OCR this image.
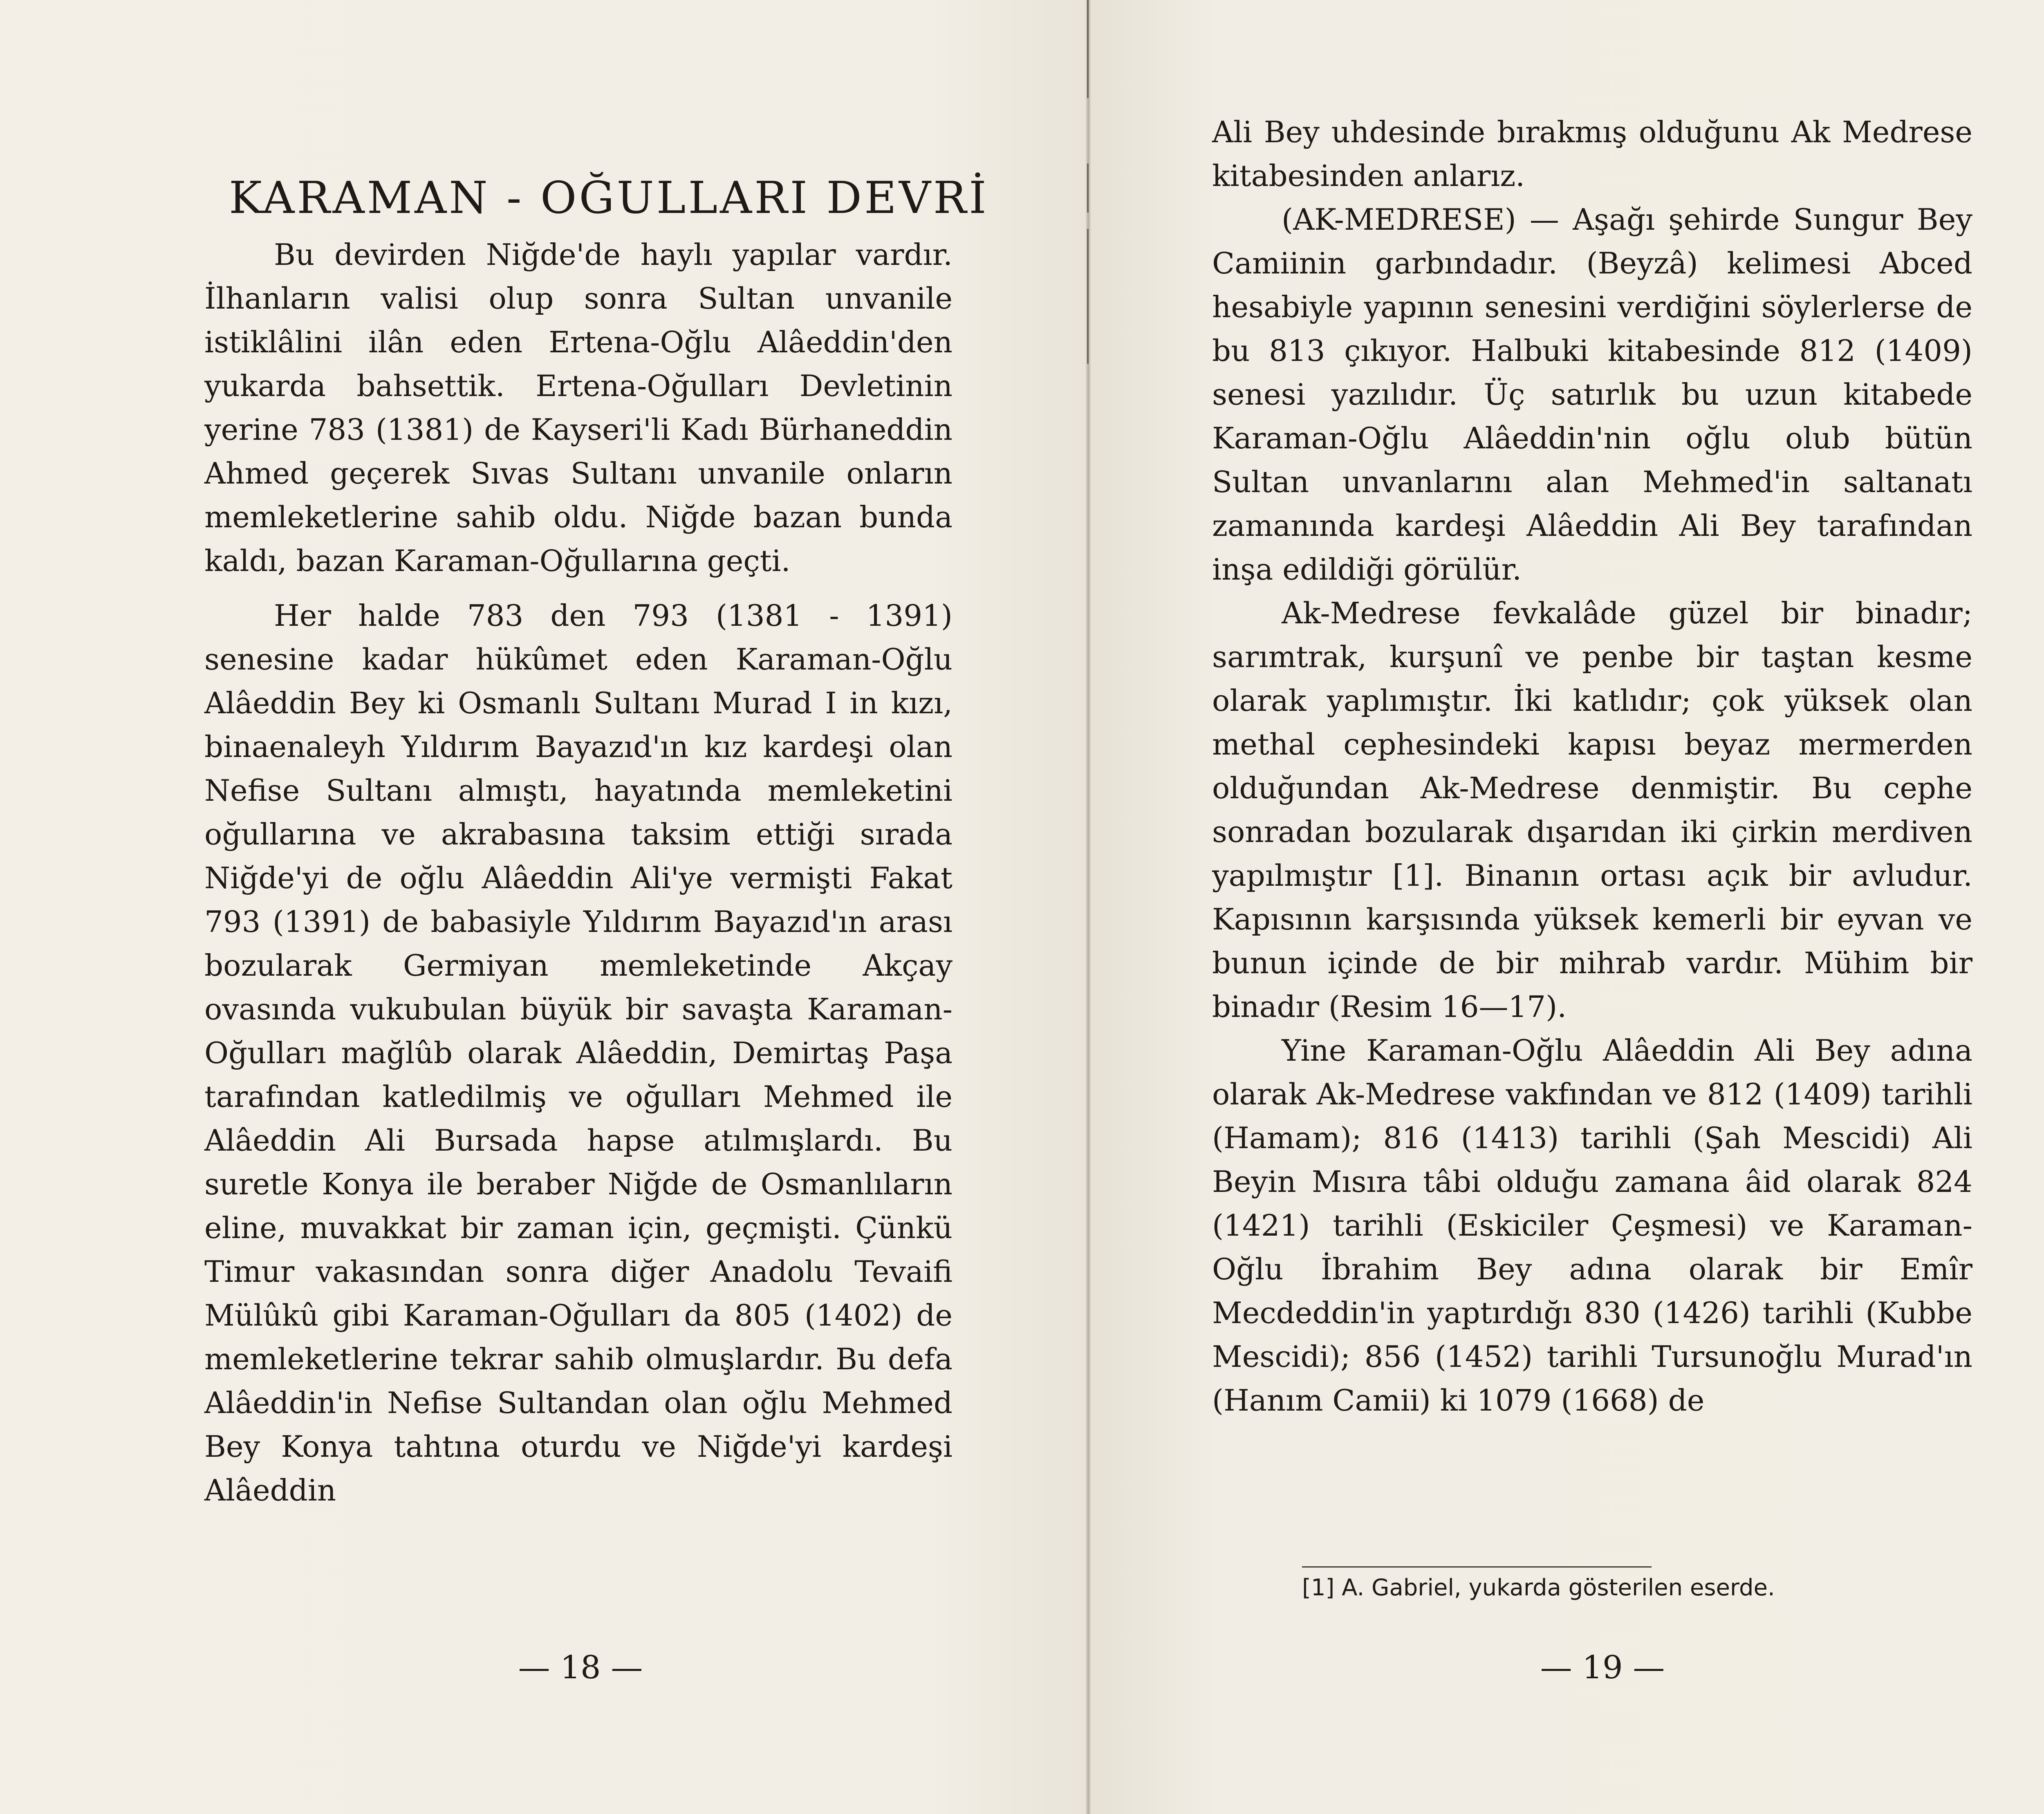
KARAMAN - OĞULLARI DEVRİ

Bu devirden Niğde'de haylı yapılar vardır. İlhanların valisi olup sonra Sultan unvanile istiklâlini ilân eden Ertena-Oğlu Alâeddin'den yukarda bahsettik. Ertena-Oğulları Devletinin yerine 783 (1381) de Kayseri'li Kadı Bürhaneddin Ahmed geçerek Sıvas Sultanı unvanile onların memleketlerine sahib oldu. Niğde bazan bunda kaldı, bazan Karaman-Oğullarına geçti.

Her halde 783 den 793 (1381 - 1391) senesine kadar hükûmet eden Karaman-Oğlu Alâeddin Bey ki Osmanlı Sultanı Murad I in kızı, binaenaleyh Yıldırım Bayazıd'ın kız kardeşi olan Nefise Sultanı almıştı, hayatında memleketini oğullarına ve akrabasına taksim ettiği sırada Niğde'yi de oğlu Alâeddin Ali'ye vermişti Fakat 793 (1391) de babasiyle Yıldırım Bayazıd'ın arası bozularak Germiyan memleketinde Akçay ovasında vukubulan büyük bir savaşta Karaman-Oğulları mağlûb olarak Alâeddin, Demirtaş Paşa tarafından katledilmiş ve oğulları Mehmed ile Alâeddin Ali Bursada hapse atılmışlardı. Bu suretle Konya ile beraber Niğde de Osmanlıların eline, muvakkat bir zaman için, geçmişti. Çünkü Timur vakasından sonra diğer Anadolu Tevaifi Mülûkû gibi Karaman-Oğulları da 805 (1402) de memleketlerine tekrar sahib olmuşlardır. Bu defa Alâeddin'in Nefise Sultandan olan oğlu Mehmed Bey Konya tahtına oturdu ve Niğde'yi kardeşi Alâeddin

— 18 —

Ali Bey uhdesinde bırakmış olduğunu Ak Medrese kitabesinden anlarız.

(AK-MEDRESE) — Aşağı şehirde Sungur Bey Camiinin garbındadır. (Beyzâ) kelimesi Abced hesabiyle yapının senesini verdiğini söylerlerse de bu 813 çıkıyor. Halbuki kitabesinde 812 (1409) senesi yazılıdır. Üç satırlık bu uzun kitabede Karaman-Oğlu Alâeddin'nin oğlu olub bütün Sultan unvanlarını alan Mehmed'in saltanatı zamanında kardeşi Alâeddin Ali Bey tarafından inşa edildiği görülür.

Ak-Medrese fevkalâde güzel bir binadır; sarımtrak, kurşunî ve penbe bir taştan kesme olarak yaplımıştır. İki katlıdır; çok yüksek olan methal cephesindeki kapısı beyaz mermerden olduğundan Ak-Medrese denmiştir. Bu cephe sonradan bozularak dışarıdan iki çirkin merdiven yapılmıştır [1]. Binanın ortası açık bir avludur. Kapısının karşısında yüksek kemerli bir eyvan ve bunun içinde de bir mihrab vardır. Mühim bir binadır (Resim 16—17).

Yine Karaman-Oğlu Alâeddin Ali Bey adına olarak Ak-Medrese vakfından ve 812 (1409) tarihli (Hamam); 816 (1413) tarihli (Şah Mescidi) Ali Beyin Mısıra tâbi olduğu zamana âid olarak 824 (1421) tarihli (Eskiciler Çeşmesi) ve Karaman-Oğlu İbrahim Bey adına olarak bir Emîr Mecdeddin'in yaptırdığı 830 (1426) tarihli (Kubbe Mescidi); 856 (1452) tarihli Tursunoğlu Murad'ın (Hanım Camii) ki 1079 (1668) de

[1] A. Gabriel, yukarda gösterilen eserde.
— 19 —
